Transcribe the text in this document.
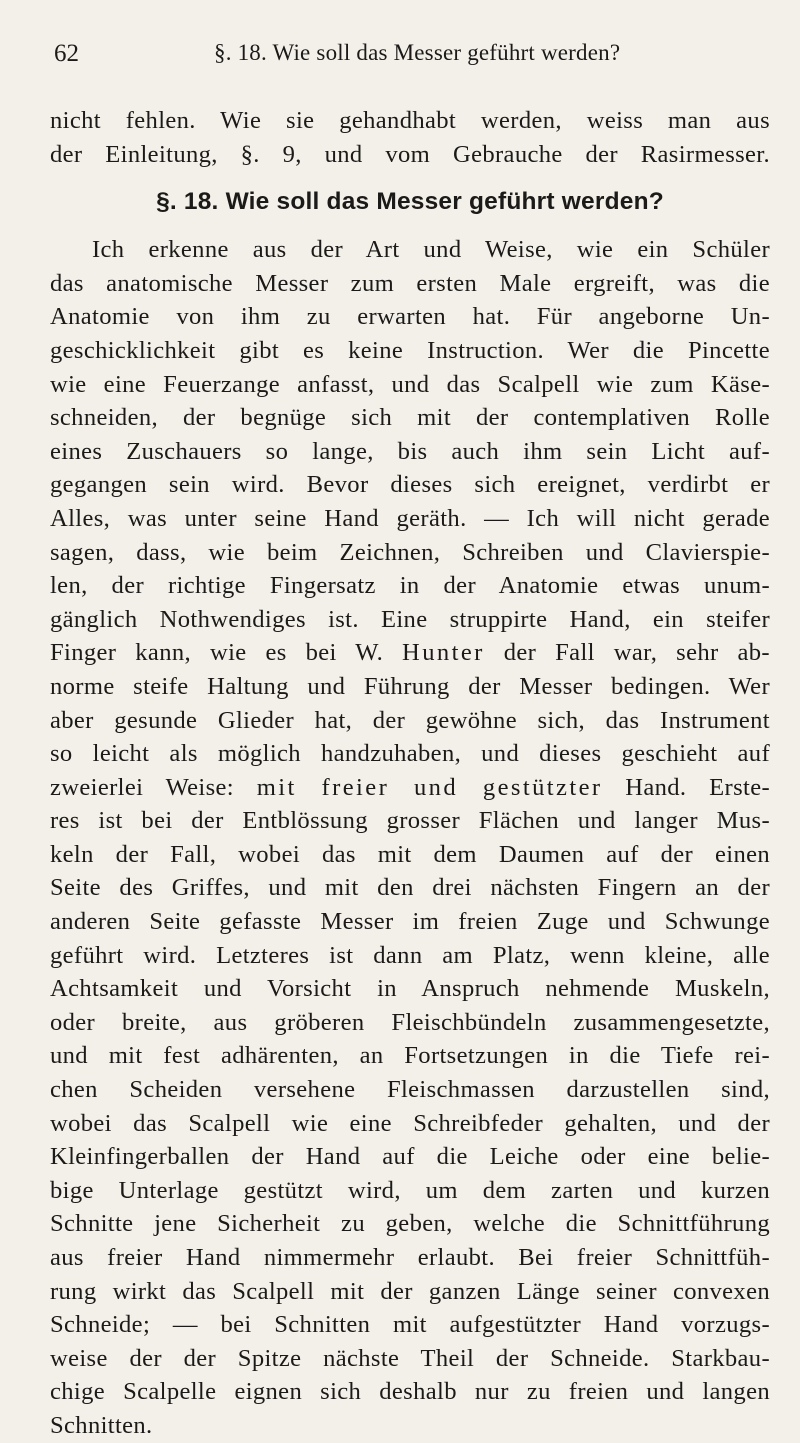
62	§. 18. Wie soll das Messer geführt werden?
nicht fehlen. Wie sie gehandhabt werden, weiss man aus
der Einleitung, §. 9, und vom Gebrauche der Rasirmesser.
§. 18. Wie soll das Messer geführt werden?
Ich erkenne aus der Art und Weise, wie ein Schüler
das anatomische Messer zum ersten Male ergreift, was die
Anatomie von ihm zu erwarten hat. Für angeborne Un-
geschicklichkeit gibt es keine Instruction. Wer die Pincette
wie eine Feuerzange anfasst, und das Scalpell wie zum Käse-
schneiden, der begnüge sich mit der contemplativen Rolle
eines Zuschauers so lange, bis auch ihm sein Licht auf-
gegangen sein wird. Bevor dieses sich ereignet, verdirbt er
Alles, was unter seine Hand geräth. — Ich will nicht gerade
sagen, dass, wie beim Zeichnen, Schreiben und Clavierspie-
len, der richtige Fingersatz in der Anatomie etwas unum-
gänglich Nothwendiges ist. Eine struppirte Hand, ein steifer
Finger kann, wie es bei W. Hunter der Fall war, sehr ab-
norme steife Haltung und Führung der Messer bedingen. Wer
aber gesunde Glieder hat, der gewöhne sich, das Instrument
so leicht als möglich handzuhaben, und dieses geschieht auf
zweierlei Weise: mit freier und gestützter Hand. Erste-
res ist bei der Entblössung grosser Flächen und langer Mus-
keln der Fall, wobei das mit dem Daumen auf der einen
Seite des Griffes, und mit den drei nächsten Fingern an der
anderen Seite gefasste Messer im freien Zuge und Schwunge
geführt wird. Letzteres ist dann am Platz, wenn kleine, alle
Achtsamkeit und Vorsicht in Anspruch nehmende Muskeln,
oder breite, aus gröberen Fleischbündeln zusammengesetzte,
und mit fest adhärenten, an Fortsetzungen in die Tiefe rei-
chen Scheiden versehene Fleischmassen darzustellen sind,
wobei das Scalpell wie eine Schreibfeder gehalten, und der
Kleinfingerballen der Hand auf die Leiche oder eine belie-
bige Unterlage gestützt wird, um dem zarten und kurzen
Schnitte jene Sicherheit zu geben, welche die Schnittführung
aus freier Hand nimmermehr erlaubt. Bei freier Schnittfüh-
rung wirkt das Scalpell mit der ganzen Länge seiner convexen
Schneide; — bei Schnitten mit aufgestützter Hand vorzugs-
weise der der Spitze nächste Theil der Schneide. Starkbau-
chige Scalpelle eignen sich deshalb nur zu freien und langen
Schnitten.
